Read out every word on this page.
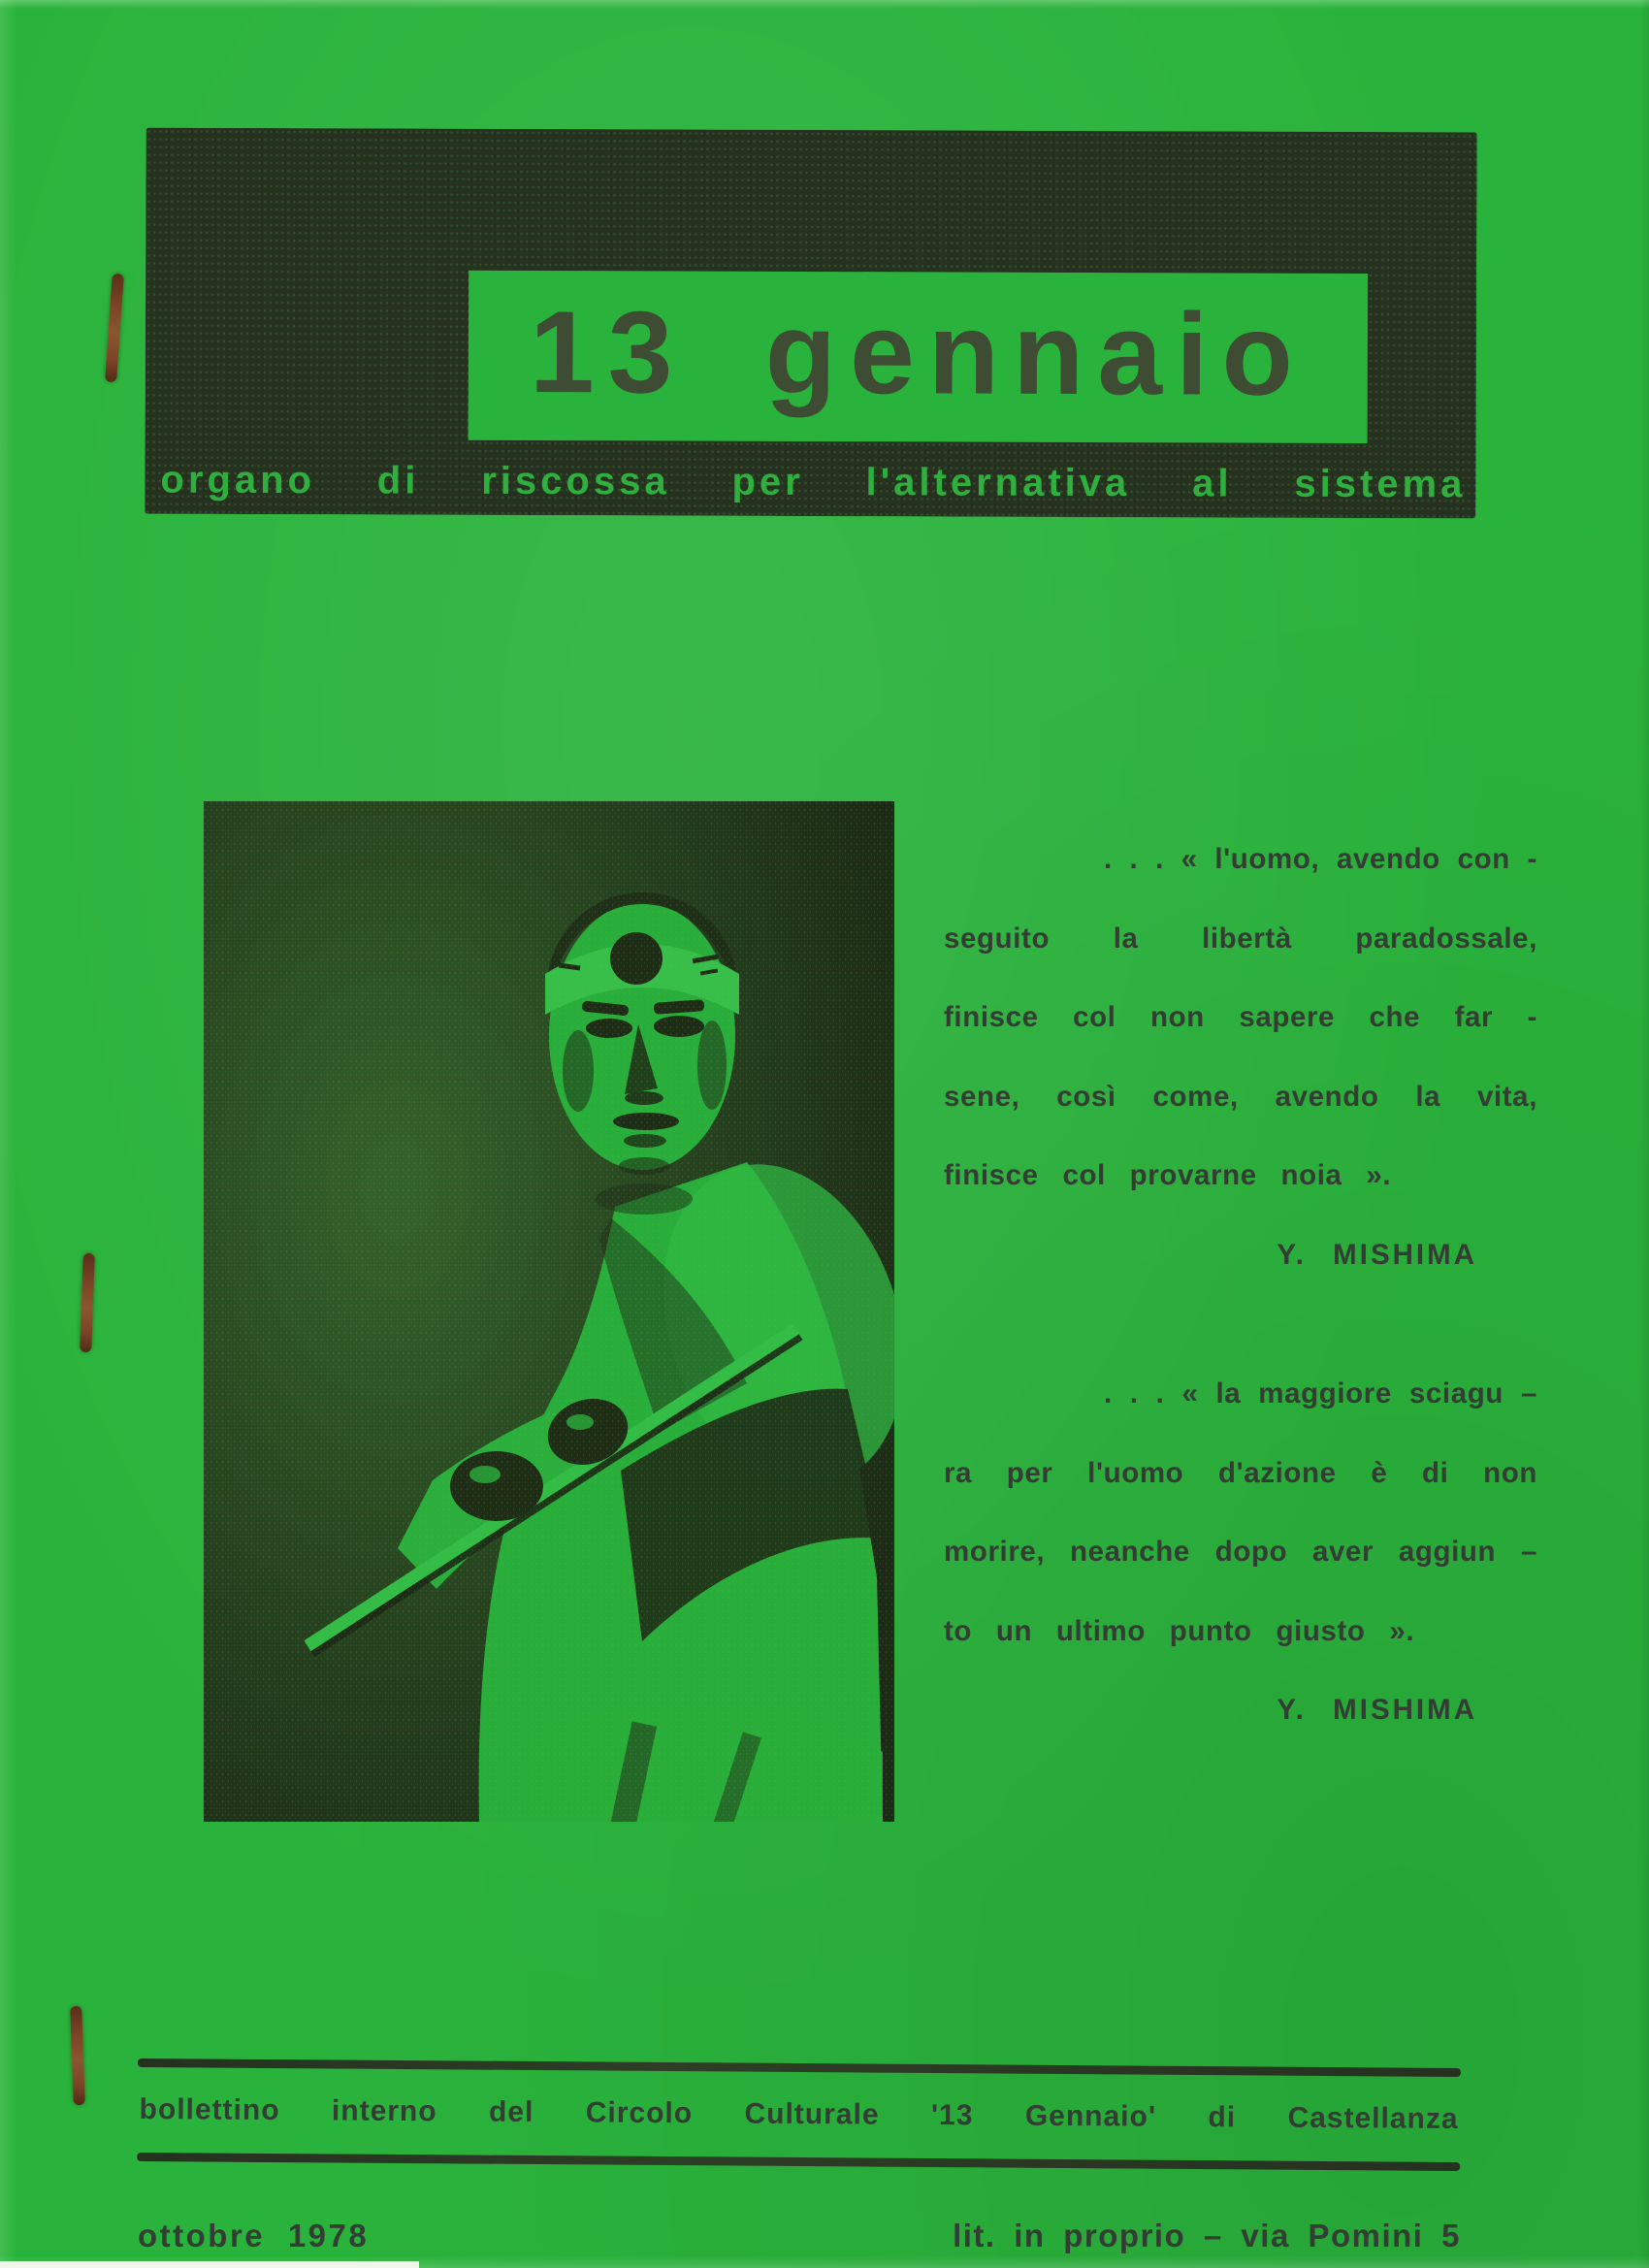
13 gennaio
organo di riscossa per l'alternativa al sistema
. . . « l'uomo, avendo con -
seguito la libertà paradossale,
finisce col non sapere che far -
sene, così come, avendo la vita,
finisce col provarne noia ».
Y. MISHIMA
. . . « la maggiore sciagu –
ra per l'uomo d'azione è di non
morire, neanche dopo aver aggiun –
to un ultimo punto giusto ».
Y. MISHIMA
bollettino interno del Circolo Culturale '13 Gennaio' di Castellanza
ottobre 1978	lit. in proprio – via Pomini 5
